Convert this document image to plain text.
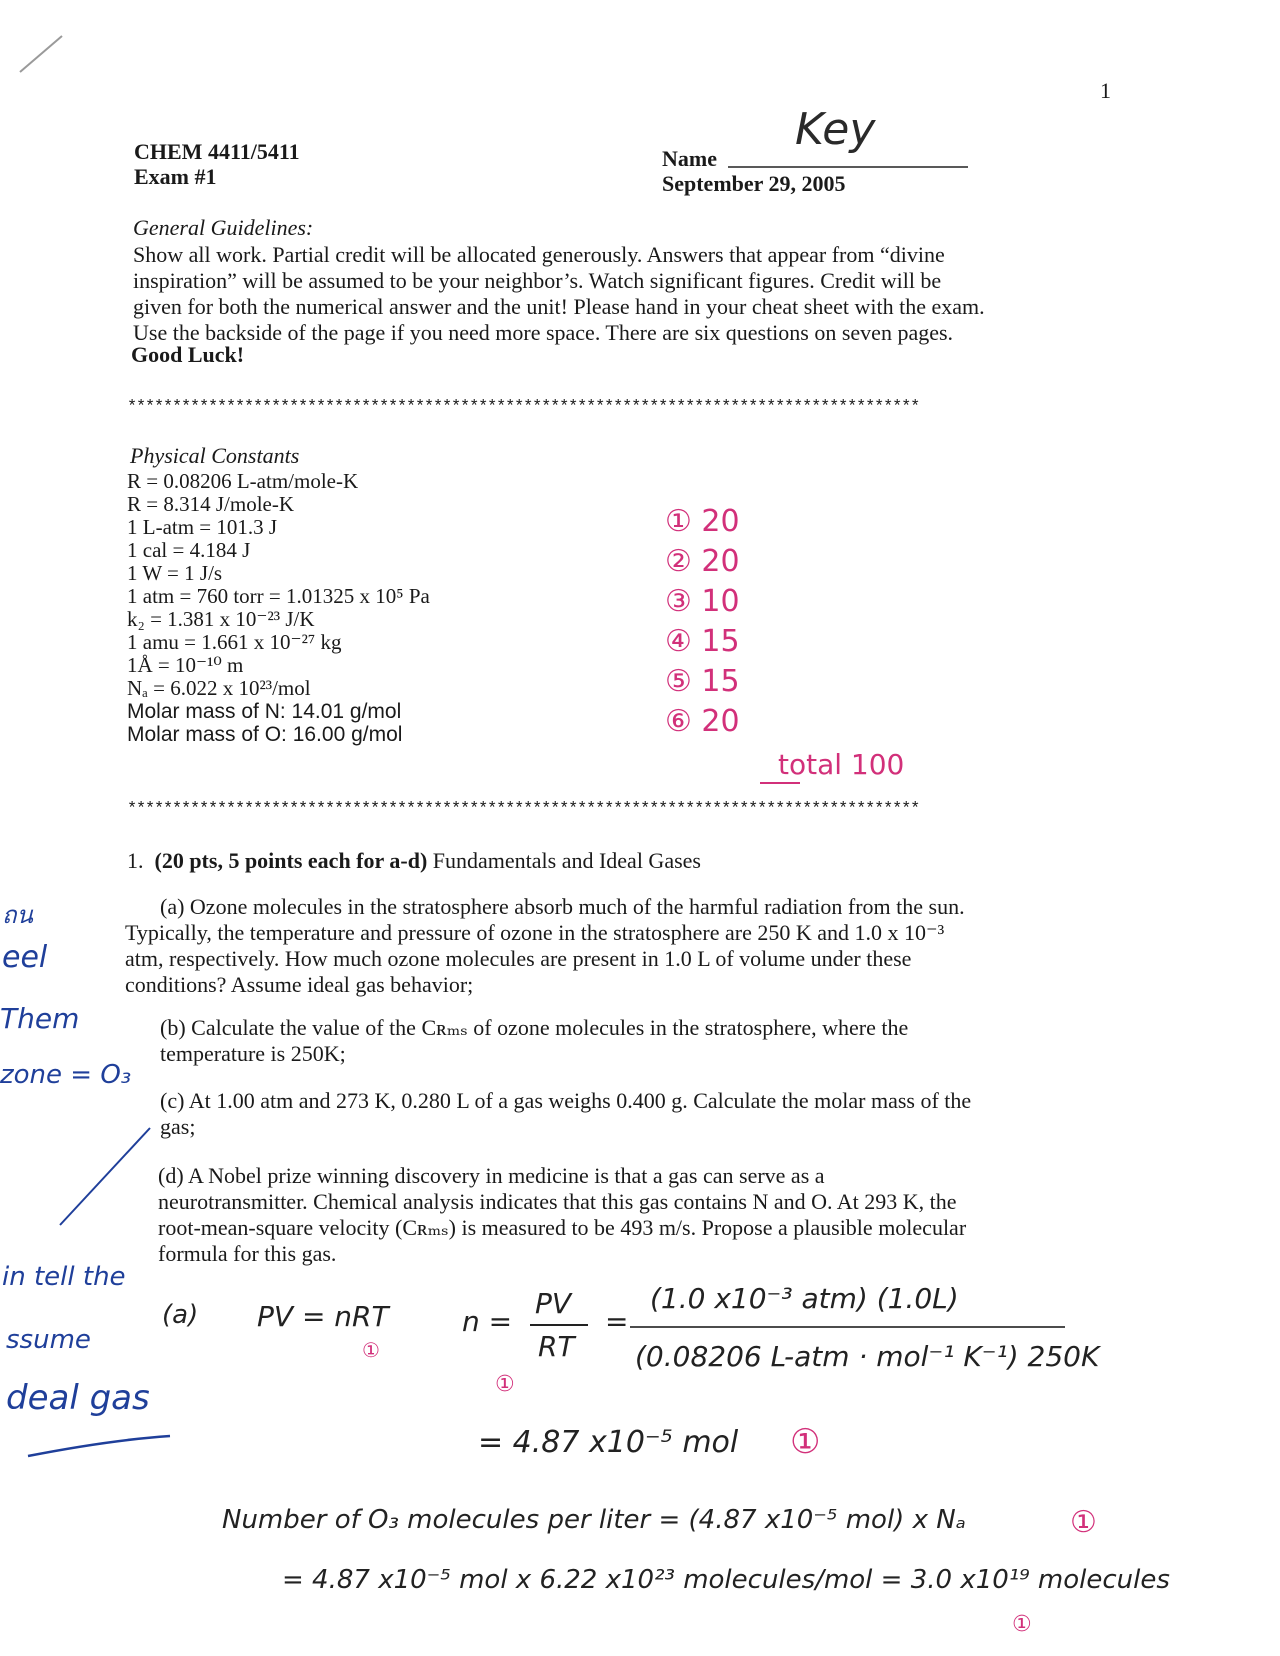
1
CHEM 4411/5411
Exam #1
Name
Key
September 29, 2005
General Guidelines:
Show all work. Partial credit will be allocated generously. Answers that appear from “divine
inspiration” will be assumed to be your neighbor’s. Watch significant figures. Credit will be
given for both the numerical answer and the unit! Please hand in your cheat sheet with the exam.
Use the backside of the page if you need more space. There are six questions on seven pages.
Good Luck!
****************************************************************************************
Physical Constants
R = 0.08206 L-atm/mole-K
R = 8.314 J/mole-K
1 L-atm = 101.3 J
1 cal = 4.184 J
1 W = 1 J/s
1 atm = 760 torr = 1.01325 x 10⁵ Pa
k₂ = 1.381 x 10⁻²³ J/K
1 amu = 1.661 x 10⁻²⁷ kg
1Å = 10⁻¹⁰ m
Nₐ = 6.022 x 10²³/mol
Molar mass of N: 14.01 g/mol
Molar mass of O: 16.00 g/mol
① 20
② 20
③ 10
④ 15
⑤ 15
⑥ 20
total 100
****************************************************************************************
1. (20 pts, 5 points each for a-d) Fundamentals and Ideal Gases

(a) Ozone molecules in the stratosphere absorb much of the harmful radiation from the sun.

Typically, the temperature and pressure of ozone in the stratosphere are 250 K and 1.0 x 10⁻³

atm, respectively. How much ozone molecules are present in 1.0 L of volume under these

conditions? Assume ideal gas behavior;

(b) Calculate the value of the Cʀₘₛ of ozone molecules in the stratosphere, where the

temperature is 250K;

(c) At 1.00 atm and 273 K, 0.280 L of a gas weighs 0.400 g. Calculate the molar mass of the

gas;

(d) A Nobel prize winning discovery in medicine is that a gas can serve as a

neurotransmitter. Chemical analysis indicates that this gas contains N and O. At 293 K, the

root-mean-square velocity (Cʀₘₛ) is measured to be 493 m/s. Propose a plausible molecular

formula for this gas.

ถน
eel
Them
zone = O₃
in tell the
ssume
deal gas
(a) PV = nRT
①
n =
PV
RT
①
=
(1.0 x10⁻³ atm) (1.0L)
(0.08206 L-atm · mol⁻¹ K⁻¹) 250K
= 4.87 x10⁻⁵ mol ①
Number of O₃ molecules per liter = (4.87 x10⁻⁵ mol) x Nₐ	①
= 4.87 x10⁻⁵ mol x 6.22 x10²³ molecules/mol = 3.0 x10¹⁹ molecules
①
